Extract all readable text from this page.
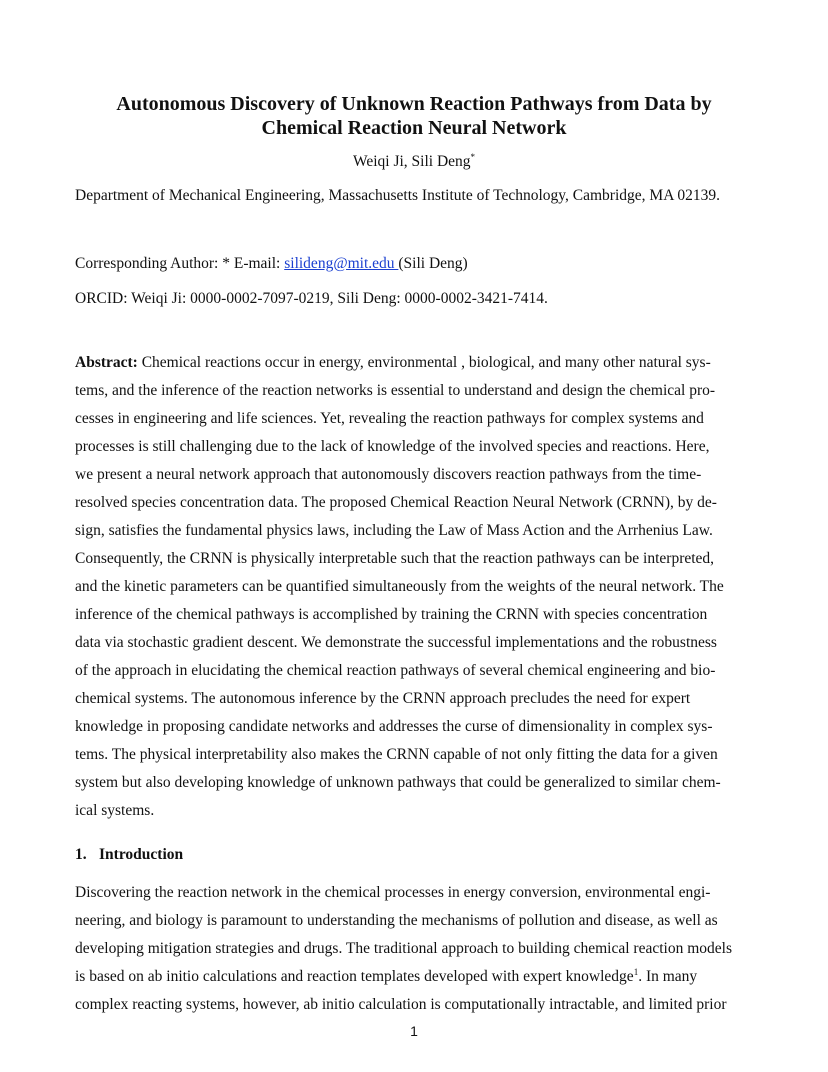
Autonomous Discovery of Unknown Reaction Pathways from Data by
Chemical Reaction Neural Network
Weiqi Ji, Sili Deng*
Department of Mechanical Engineering, Massachusetts Institute of Technology, Cambridge, MA 02139.
Corresponding Author: * E-mail: silideng@mit.edu (Sili Deng)
ORCID: Weiqi Ji: 0000-0002-7097-0219, Sili Deng: 0000-0002-3421-7414.

Abstract: Chemical reactions occur in energy, environmental , biological, and many other natural sys-
tems, and the inference of the reaction networks is essential to understand and design the chemical pro-
cesses in engineering and life sciences. Yet, revealing the reaction pathways for complex systems and
processes is still challenging due to the lack of knowledge of the involved species and reactions. Here,
we present a neural network approach that autonomously discovers reaction pathways from the time-
resolved species concentration data. The proposed Chemical Reaction Neural Network (CRNN), by de-
sign, satisfies the fundamental physics laws, including the Law of Mass Action and the Arrhenius Law.
Consequently, the CRNN is physically interpretable such that the reaction pathways can be interpreted,
and the kinetic parameters can be quantified simultaneously from the weights of the neural network. The
inference of the chemical pathways is accomplished by training the CRNN with species concentration
data via stochastic gradient descent. We demonstrate the successful implementations and the robustness
of the approach in elucidating the chemical reaction pathways of several chemical engineering and bio-
chemical systems. The autonomous inference by the CRNN approach precludes the need for expert
knowledge in proposing candidate networks and addresses the curse of dimensionality in complex sys-
tems. The physical interpretability also makes the CRNN capable of not only fitting the data for a given
system but also developing knowledge of unknown pathways that could be generalized to similar chem-
ical systems.

1. Introduction

Discovering the reaction network in the chemical processes in energy conversion, environmental engi-
neering, and biology is paramount to understanding the mechanisms of pollution and disease, as well as
developing mitigation strategies and drugs. The traditional approach to building chemical reaction models
is based on ab initio calculations and reaction templates developed with expert knowledge$^1$. In many
complex reacting systems, however, ab initio calculation is computationally intractable, and limited prior

1
